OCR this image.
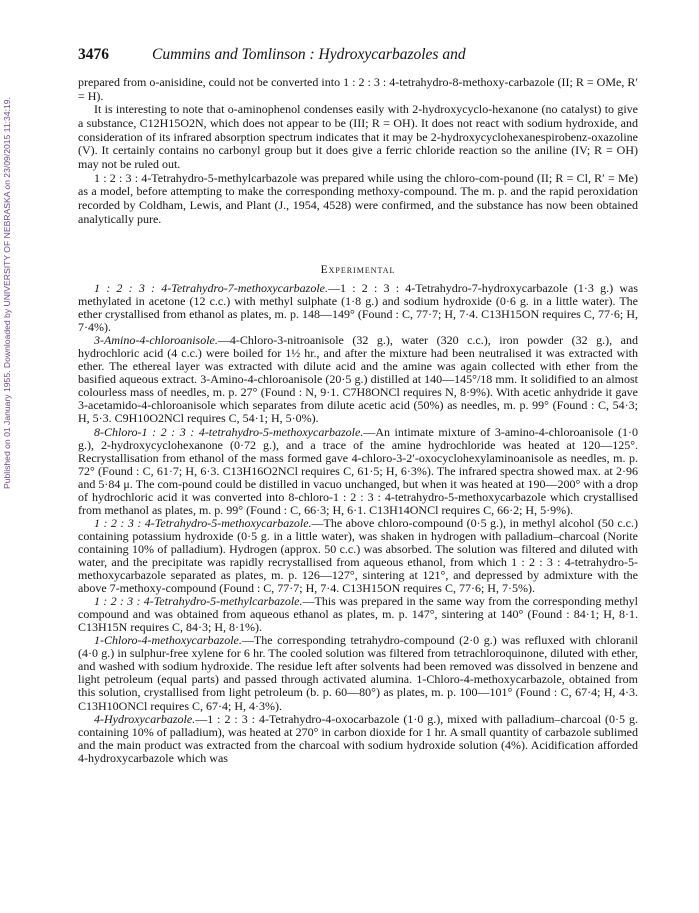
Published on 01 January 1955. Downloaded by UNIVERSITY OF NEBRASKA on 23/09/2015 11:34:19.
3476	Cummins and Tomlinson : Hydroxycarbazoles and

prepared from o-anisidine, could not be converted into 1 : 2 : 3 : 4-tetrahydro-8-methoxy-carbazole (II; R = OMe, R′ = H).

It is interesting to note that o-aminophenol condenses easily with 2-hydroxycyclo-hexanone (no catalyst) to give a substance, C12H15O2N, which does not appear to be (III; R = OH). It does not react with sodium hydroxide, and consideration of its infrared absorption spectrum indicates that it may be 2-hydroxycyclohexanespirobenz-oxazoline (V). It certainly contains no carbonyl group but it does give a ferric chloride reaction so the aniline (IV; R = OH) may not be ruled out.

1 : 2 : 3 : 4-Tetrahydro-5-methylcarbazole was prepared while using the chloro-com-pound (II; R = Cl, R′ = Me) as a model, before attempting to make the corresponding methoxy-compound. The m. p. and the rapid peroxidation recorded by Coldham, Lewis, and Plant (J., 1954, 4528) were confirmed, and the substance has now been obtained analytically pure.

Experimental

1 : 2 : 3 : 4-Tetrahydro-7-methoxycarbazole.—1 : 2 : 3 : 4-Tetrahydro-7-hydroxycarbazole (1·3 g.) was methylated in acetone (12 c.c.) with methyl sulphate (1·8 g.) and sodium hydroxide (0·6 g. in a little water). The ether crystallised from ethanol as plates, m. p. 148—149° (Found : C, 77·7; H, 7·4. C13H15ON requires C, 77·6; H, 7·4%).

3-Amino-4-chloroanisole.—4-Chloro-3-nitroanisole (32 g.), water (320 c.c.), iron powder (32 g.), and hydrochloric acid (4 c.c.) were boiled for 1½ hr., and after the mixture had been neutralised it was extracted with ether. The ethereal layer was extracted with dilute acid and the amine was again collected with ether from the basified aqueous extract. 3-Amino-4-chloroanisole (20·5 g.) distilled at 140—145°/18 mm. It solidified to an almost colourless mass of needles, m. p. 27° (Found : N, 9·1. C7H8ONCl requires N, 8·9%). With acetic anhydride it gave 3-acetamido-4-chloroanisole which separates from dilute acetic acid (50%) as needles, m. p. 99° (Found : C, 54·3; H, 5·3. C9H10O2NCl requires C, 54·1; H, 5·0%).

8-Chloro-1 : 2 : 3 : 4-tetrahydro-5-methoxycarbazole.—An intimate mixture of 3-amino-4-chloroanisole (1·0 g.), 2-hydroxycyclohexanone (0·72 g.), and a trace of the amine hydrochloride was heated at 120—125°. Recrystallisation from ethanol of the mass formed gave 4-chloro-3-2′-oxocyclohexylaminoanisole as needles, m. p. 72° (Found : C, 61·7; H, 6·3. C13H16O2NCl requires C, 61·5; H, 6·3%). The infrared spectra showed max. at 2·96 and 5·84 μ. The com-pound could be distilled in vacuo unchanged, but when it was heated at 190—200° with a drop of hydrochloric acid it was converted into 8-chloro-1 : 2 : 3 : 4-tetrahydro-5-methoxycarbazole which crystallised from methanol as plates, m. p. 99° (Found : C, 66·3; H, 6·1. C13H14ONCl requires C, 66·2; H, 5·9%).

1 : 2 : 3 : 4-Tetrahydro-5-methoxycarbazole.—The above chloro-compound (0·5 g.), in methyl alcohol (50 c.c.) containing potassium hydroxide (0·5 g. in a little water), was shaken in hydrogen with palladium–charcoal (Norite containing 10% of palladium). Hydrogen (approx. 50 c.c.) was absorbed. The solution was filtered and diluted with water, and the precipitate was rapidly recrystallised from aqueous ethanol, from which 1 : 2 : 3 : 4-tetrahydro-5-methoxycarbazole separated as plates, m. p. 126—127°, sintering at 121°, and depressed by admixture with the above 7-methoxy-compound (Found : C, 77·7; H, 7·4. C13H15ON requires C, 77·6; H, 7·5%).

1 : 2 : 3 : 4-Tetrahydro-5-methylcarbazole.—This was prepared in the same way from the corresponding methyl compound and was obtained from aqueous ethanol as plates, m. p. 147°, sintering at 140° (Found : 84·1; H, 8·1. C13H15N requires C, 84·3; H, 8·1%).

1-Chloro-4-methoxycarbazole.—The corresponding tetrahydro-compound (2·0 g.) was refluxed with chloranil (4·0 g.) in sulphur-free xylene for 6 hr. The cooled solution was filtered from tetrachloroquinone, diluted with ether, and washed with sodium hydroxide. The residue left after solvents had been removed was dissolved in benzene and light petroleum (equal parts) and passed through activated alumina. 1-Chloro-4-methoxycarbazole, obtained from this solution, crystallised from light petroleum (b. p. 60—80°) as plates, m. p. 100—101° (Found : C, 67·4; H, 4·3. C13H10ONCl requires C, 67·4; H, 4·3%).

4-Hydroxycarbazole.—1 : 2 : 3 : 4-Tetrahydro-4-oxocarbazole (1·0 g.), mixed with palladium–charcoal (0·5 g. containing 10% of palladium), was heated at 270° in carbon dioxide for 1 hr. A small quantity of carbazole sublimed and the main product was extracted from the charcoal with sodium hydroxide solution (4%). Acidification afforded 4-hydroxycarbazole which was
